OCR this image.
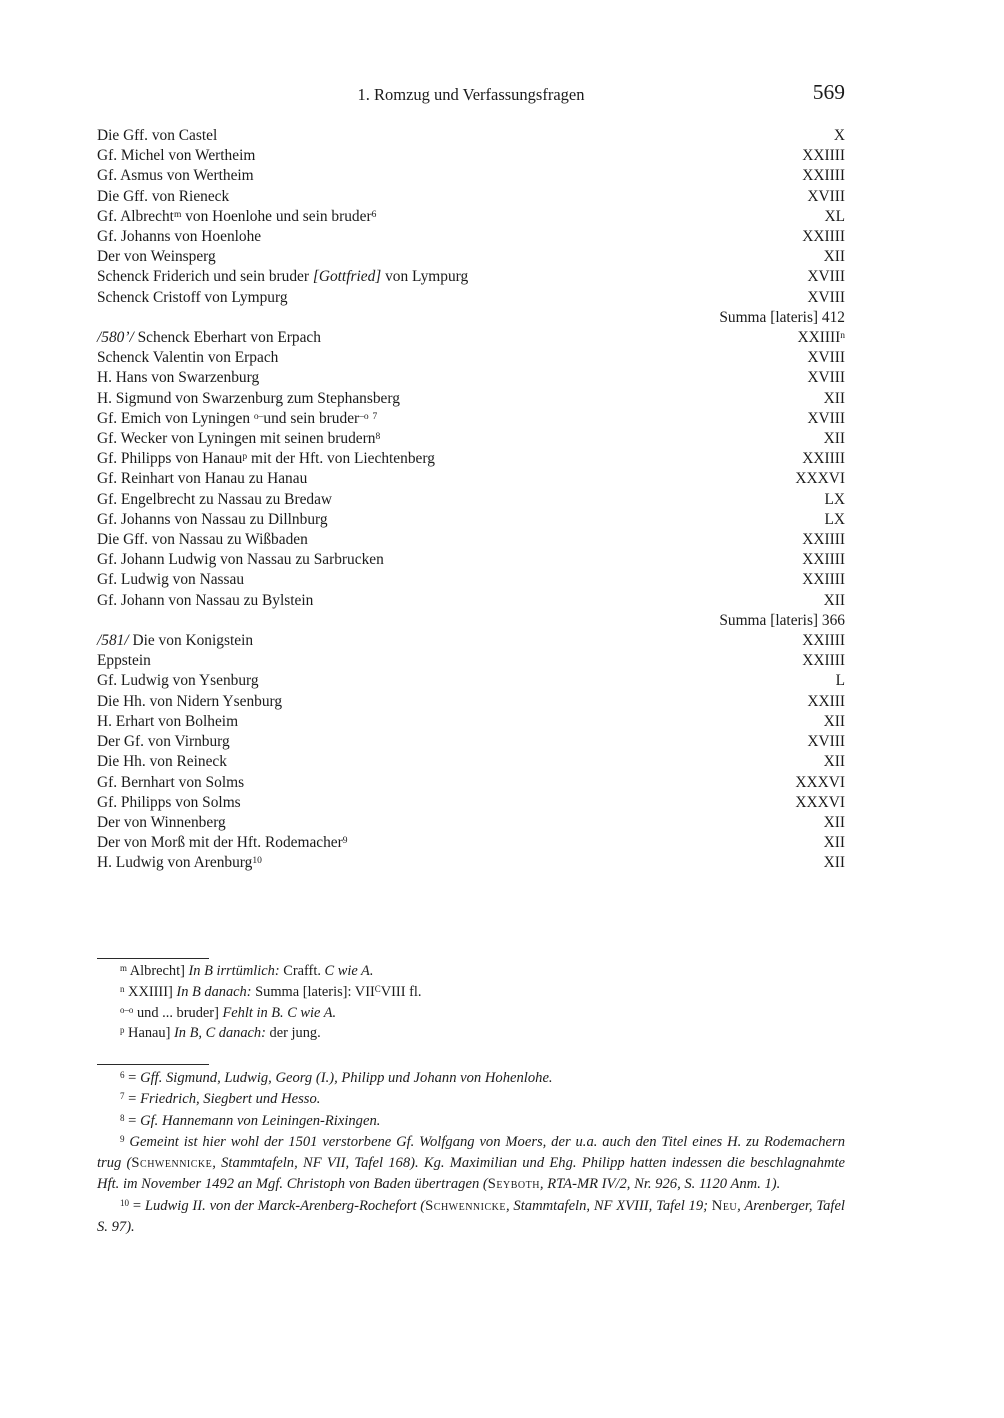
1. Romzug und Verfassungsfragen	569
Die Gff. von Castel	X
Gf. Michel von Wertheim	XXIIII
Gf. Asmus von Wertheim	XXIIII
Die Gff. von Rieneck	XVIII
Gf. Albrecht$^m$ von Hoenlohe und sein bruder$^6$	XL
Gf. Johanns von Hoenlohe	XXIIII
Der von Weinsperg	XII
Schenck Friderich und sein bruder [Gottfried] von Lympurg	XVIII
Schenck Cristoff von Lympurg	XVIII
Summa [lateris] 412
/580’/ Schenck Eberhart von Erpach	XXIIII$^n$
Schenck Valentin von Erpach	XVIII
H. Hans von Swarzenburg	XVIII
H. Sigmund von Swarzenburg zum Stephansberg	XII
Gf. Emich von Lyningen $^{o-}$und sein bruder$^{-o}$ $^7$	XVIII
Gf. Wecker von Lyningen mit seinen brudern$^8$	XII
Gf. Philipps von Hanau$^p$ mit der Hft. von Liechtenberg	XXIIII
Gf. Reinhart von Hanau zu Hanau	XXXVI
Gf. Engelbrecht zu Nassau zu Bredaw	LX
Gf. Johanns von Nassau zu Dillnburg	LX
Die Gff. von Nassau zu Wißbaden	XXIIII
Gf. Johann Ludwig von Nassau zu Sarbrucken	XXIIII
Gf. Ludwig von Nassau	XXIIII
Gf. Johann von Nassau zu Bylstein	XII
Summa [lateris] 366
/581/ Die von Konigstein	XXIIII
Eppstein	XXIIII
Gf. Ludwig von Ysenburg	L
Die Hh. von Nidern Ysenburg	XXIII
H. Erhart von Bolheim	XII
Der Gf. von Virnburg	XVIII
Die Hh. von Reineck	XII
Gf. Bernhart von Solms	XXXVI
Gf. Philipps von Solms	XXXVI
Der von Winnenberg	XII
Der von Morß mit der Hft. Rodemacher$^9$	XII
H. Ludwig von Arenburg$^{10}$	XII

$^m$ Albrecht] In B irrtümlich: Crafft. C wie A.

$^n$ XXIIII] In B danach: Summa [lateris]: $VII^CVIII$ fl.

$^{o-o}$ und ... bruder] Fehlt in B. C wie A.

$^p$ Hanau] In B, C danach: der jung.

$^6$ = Gff. Sigmund, Ludwig, Georg (I.), Philipp und Johann von Hohenlohe.

$^7$ = Friedrich, Siegbert und Hesso.

$^8$ = Gf. Hannemann von Leiningen-Rixingen.

$^9$ Gemeint ist hier wohl der 1501 verstorbene Gf. Wolfgang von Moers, der u.a. auch den Titel eines H. zu Rodemachern trug (Schwennicke, Stammtafeln, NF VII, Tafel 168). Kg. Maximilian und Ehg. Philipp hatten indessen die beschlagnahmte Hft. im November 1492 an Mgf. Christoph von Baden übertragen (Seyboth, RTA-MR IV/2, Nr. 926, S. 1120 Anm. 1).

$^{10}$ = Ludwig II. von der Marck-Arenberg-Rochefort (Schwennicke, Stammtafeln, NF XVIII, Tafel 19; Neu, Arenberger, Tafel S. 97).
